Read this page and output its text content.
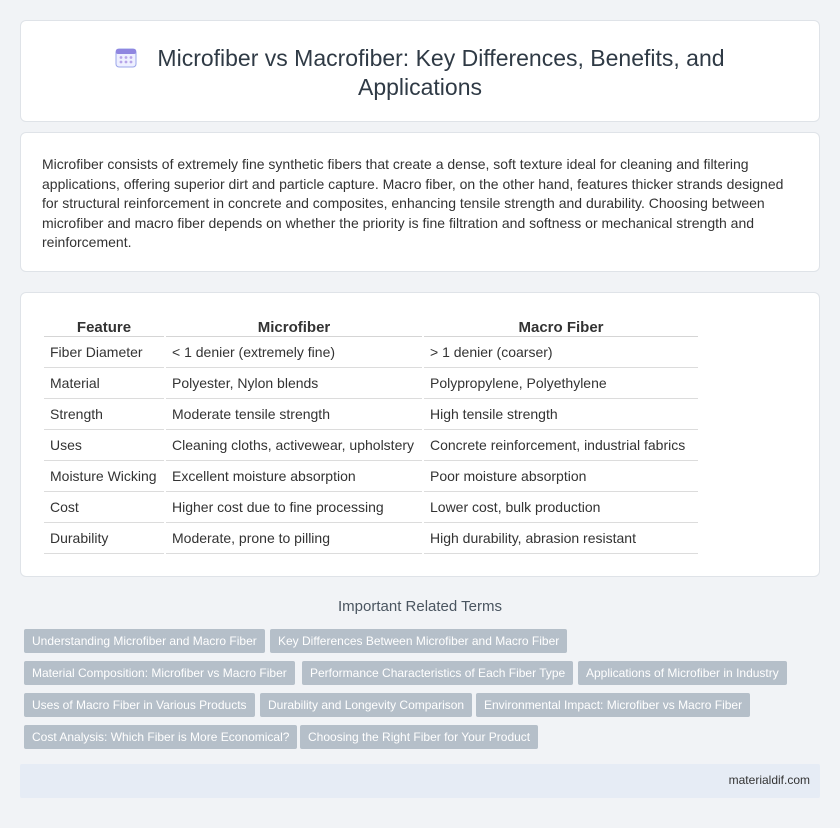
Microfiber vs Macrofiber: Key Differences, Benefits, and Applications

Microfiber consists of extremely fine synthetic fibers that create a dense, soft texture ideal for cleaning and filtering applications, offering superior dirt and particle capture. Macro fiber, on the other hand, features thicker strands designed for structural reinforcement in concrete and composites, enhancing tensile strength and durability. Choosing between microfiber and macro fiber depends on whether the priority is fine filtration and softness or mechanical strength and reinforcement.

Feature	Microfiber	Macro Fiber
Fiber Diameter	< 1 denier (extremely fine)	> 1 denier (coarser)
Material	Polyester, Nylon blends	Polypropylene, Polyethylene
Strength	Moderate tensile strength	High tensile strength
Uses	Cleaning cloths, activewear, upholstery	Concrete reinforcement, industrial fabrics
Moisture Wicking	Excellent moisture absorption	Poor moisture absorption
Cost	Higher cost due to fine processing	Lower cost, bulk production
Durability	Moderate, prone to pilling	High durability, abrasion resistant
Important Related Terms
Understanding Microfiber and Macro Fiber	Key Differences Between Microfiber and Macro Fiber
Material Composition: Microfiber vs Macro Fiber	Performance Characteristics of Each Fiber Type	Applications of Microfiber in Industry
Uses of Macro Fiber in Various Products	Durability and Longevity Comparison	Environmental Impact: Microfiber vs Macro Fiber
Cost Analysis: Which Fiber is More Economical?	Choosing the Right Fiber for Your Product
materialdif.com
